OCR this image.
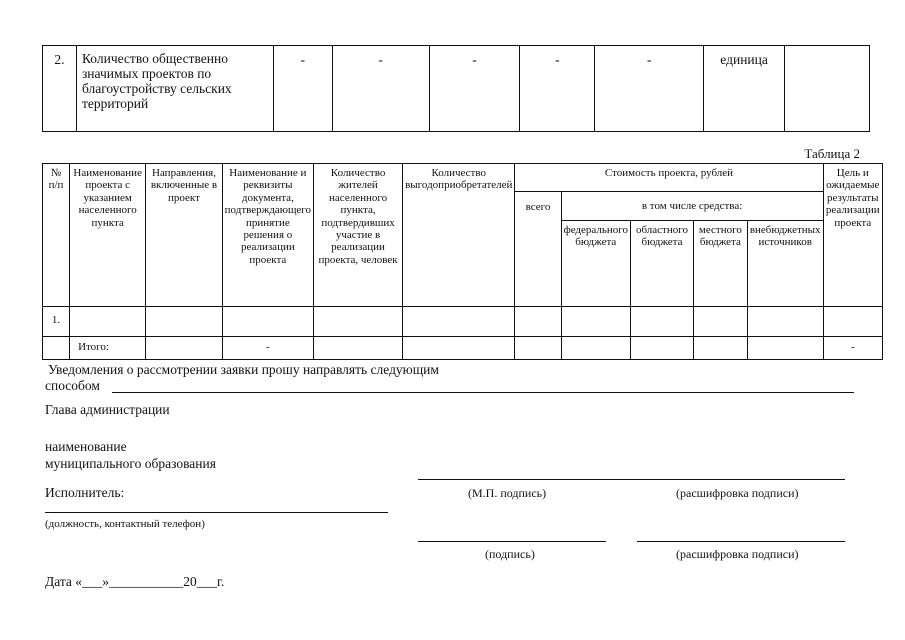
2.	Количество общественно значимых проектов по благоустройству сельских территорий	-	-	-	-	-	единица	
Таблица 2
№ п/п	Наименование проекта с указанием населенного пункта	Направления, включенные в проект	Наименование и реквизиты документа, подтверждающего принятие решения о реализации проекта	Количество жителей населенного пункта, подтвердивших участие в реализации проекта, человек	Количество выгодоприобретателей	Стоимость проекта, рублей					Цель и ожидаемые результаты реализации проекта
						всего	в том числе средства:				
							федерального бюджета	областного бюджета	местного бюджета	внебюджетных источников	
1.											
	Итого:		-								-
Уведомления о рассмотрении заявки прошу направлять следующим
способом
Глава администрации
наименование
муниципального образования
Исполнитель:	(М.П. подпись)	(расшифровка подписи)
(должность, контактный телефон)
(подпись)	(расшифровка подписи)
Дата «___»___________20___г.
